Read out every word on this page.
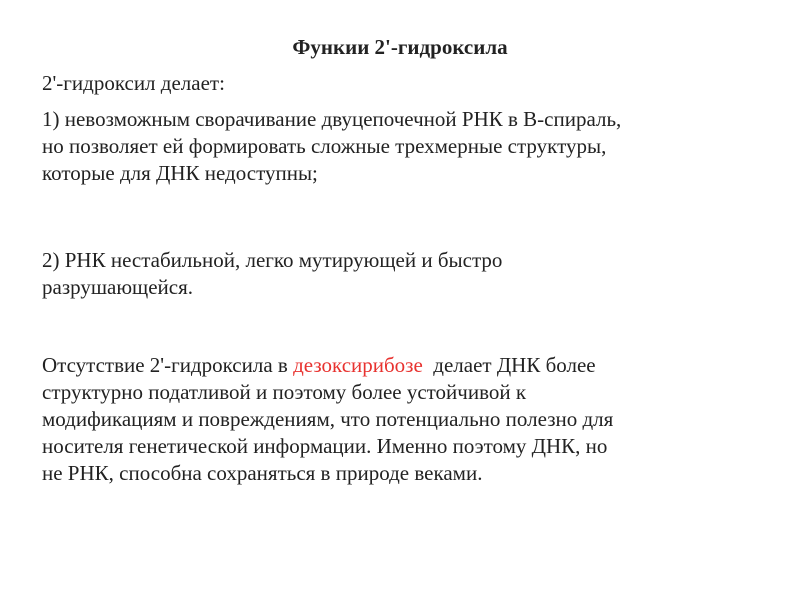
Функии 2'-гидроксила
2'-гидроксил делает:
1) невозможным сворачивание двуцепочечной РНК в В-спираль,
но позволяет ей формировать сложные трехмерные структуры,
которые для ДНК недоступны;
2) РНК нестабильной, легко мутирующей и быстро
разрушающейся.
Отсутствие 2'-гидроксила в дезоксирибозе  делает ДНК более
структурно податливой и поэтому более устойчивой к
модификациям и повреждениям, что потенциально полезно для
носителя генетической информации. Именно поэтому ДНК, но
не РНК, способна сохраняться в природе веками.
